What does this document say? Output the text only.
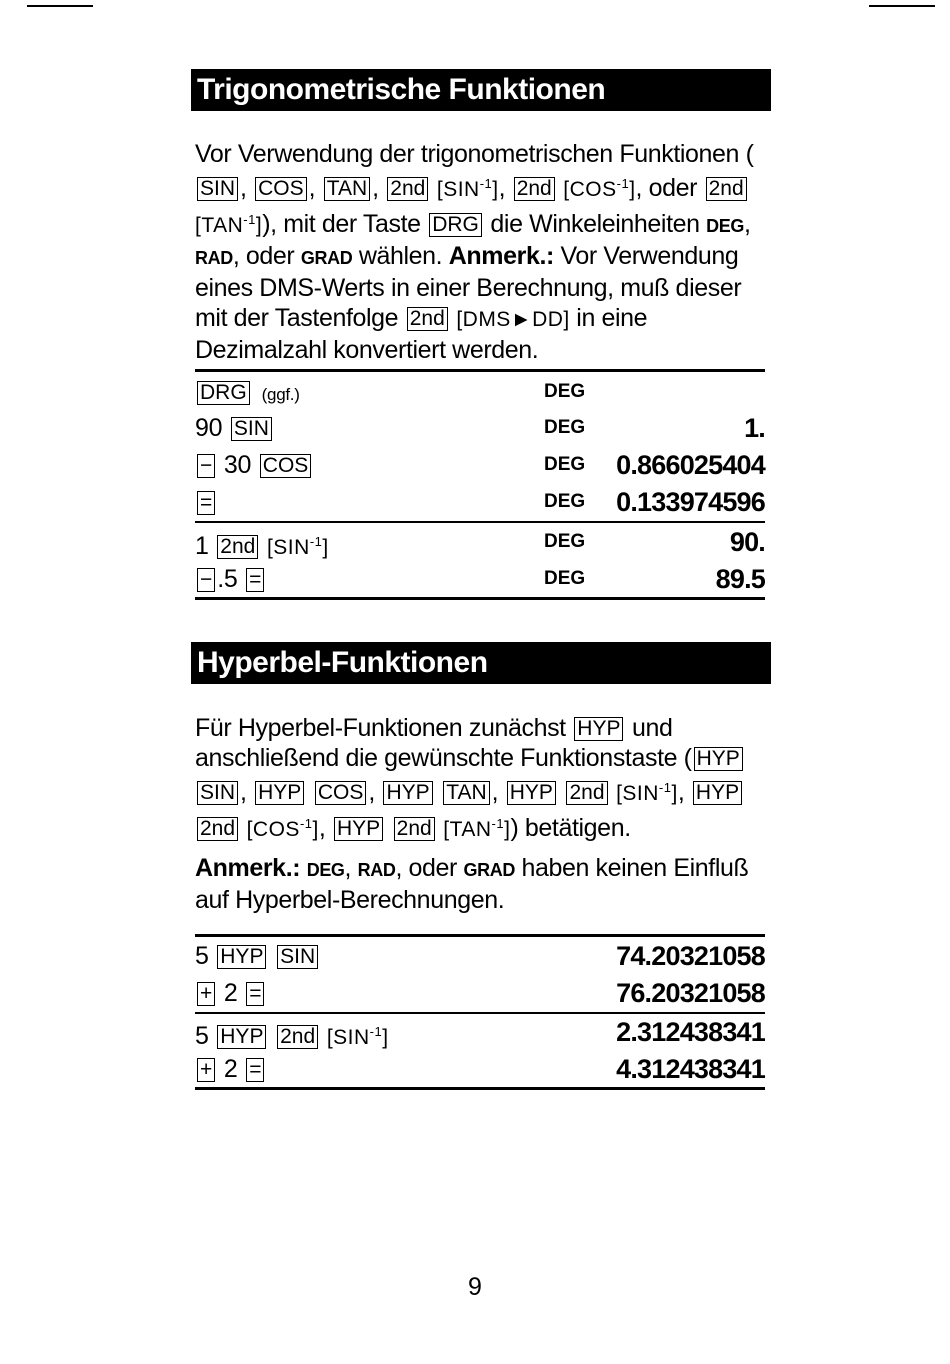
Trigonometrische Funktionen
Vor Verwendung der trigonometrischen Funktionen (SIN , COS , TAN , 2nd $[SIN^{-1}]$, 2nd $[COS^{-1}]$, oder 2nd $[TAN^{-1}]$), mit der Taste DRG die Winkeleinheiten DEG, RAD, oder GRAD wählen. Anmerk.: Vor Verwendung eines DMS-Werts in einer Berechnung, muß dieser mit der Tastenfolge 2nd [DMS►DD] in eine Dezimalzahl konvertiert werden.
DRG (ggf.)	DEG
90 SIN	DEG	1.
− 30 COS	DEG 0.866025404
=	DEG 0.133974596
1 2nd $[SIN^{-1}]$	DEG	90.
− .5 =	DEG	89.5
Hyperbel-Funktionen
Für Hyperbel-Funktionen zunächst HYP und anschließend die gewünschte Funktionstaste ( HYP SIN , HYP COS , HYP TAN , HYP 2nd $[SIN^{-1}]$, HYP 2nd $[COS^{-1}]$, HYP 2nd $[TAN^{-1}]$) betätigen.
Anmerk.: DEG, RAD, oder GRAD haben keinen Einfluß auf Hyperbel-Berechnungen.
5 HYP SIN	74.20321058
+ 2 =	76.20321058
5 HYP 2nd $[SIN^{-1}]$	2.312438341
+ 2 =	4.312438341
9
